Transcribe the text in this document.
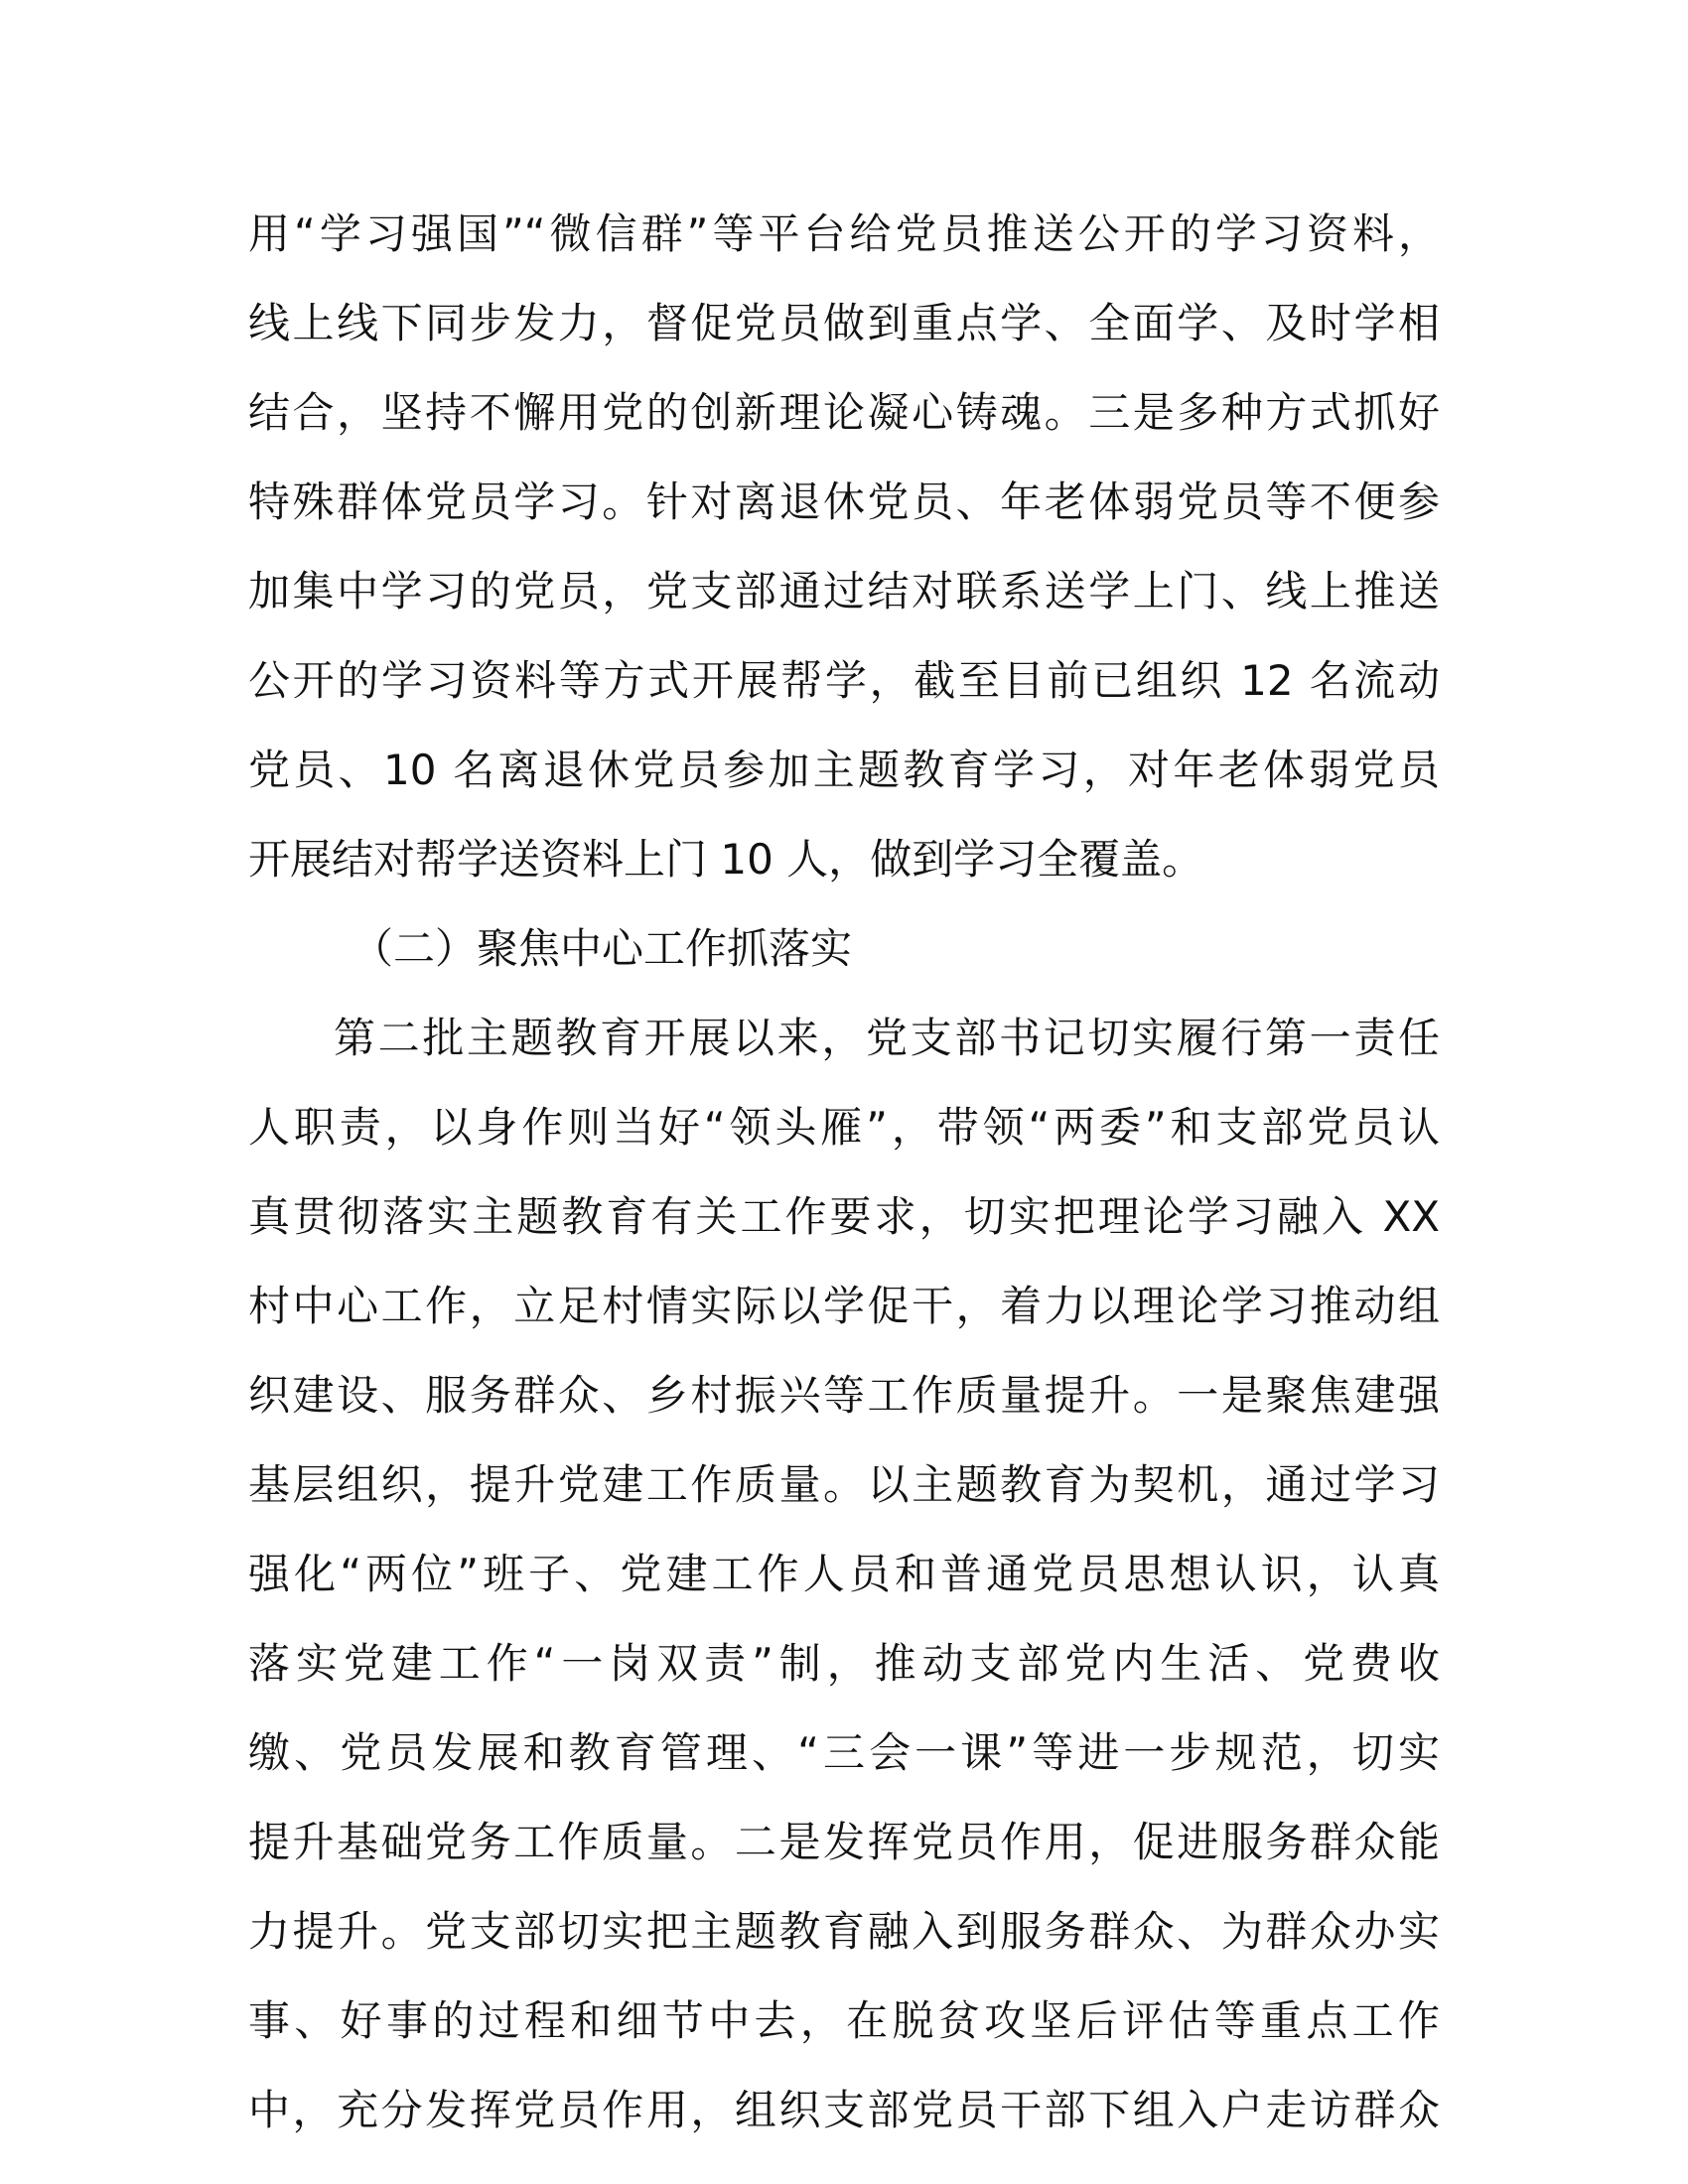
用“学习强国”“微信群”等平台给党员推送公开的学习资料，
线上线下同步发力，督促党员做到重点学、全面学、及时学相
结合，坚持不懈用党的创新理论凝心铸魂。三是多种方式抓好
特殊群体党员学习。针对离退休党员、年老体弱党员等不便参
加集中学习的党员，党支部通过结对联系送学上门、线上推送
公开的学习资料等方式开展帮学，截至目前已组织 12 名流动
党员、10 名离退休党员参加主题教育学习，对年老体弱党员
开展结对帮学送资料上门 10 人，做到学习全覆盖。
（二）聚焦中心工作抓落实
第二批主题教育开展以来，党支部书记切实履行第一责任
人职责，以身作则当好“领头雁”，带领“两委”和支部党员认
真贯彻落实主题教育有关工作要求，切实把理论学习融入 XX
村中心工作，立足村情实际以学促干，着力以理论学习推动组
织建设、服务群众、乡村振兴等工作质量提升。一是聚焦建强
基层组织，提升党建工作质量。以主题教育为契机，通过学习
强化“两位”班子、党建工作人员和普通党员思想认识，认真
落实党建工作“一岗双责”制，推动支部党内生活、党费收
缴、党员发展和教育管理、“三会一课”等进一步规范，切实
提升基础党务工作质量。二是发挥党员作用，促进服务群众能
力提升。党支部切实把主题教育融入到服务群众、为群众办实
事、好事的过程和细节中去，在脱贫攻坚后评估等重点工作
中，充分发挥党员作用，组织支部党员干部下组入户走访群众
